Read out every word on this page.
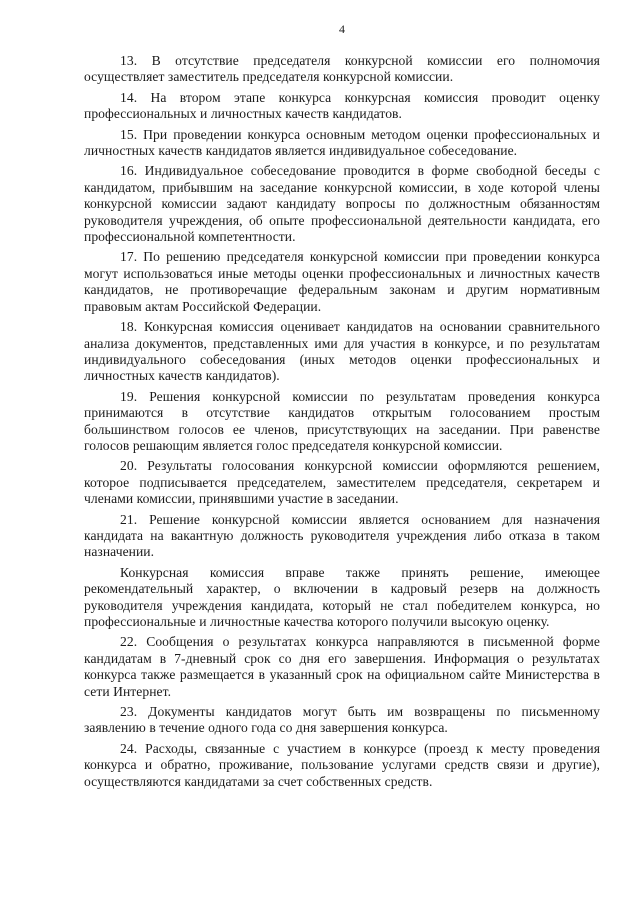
4

13. В отсутствие председателя конкурсной комиссии его полномочия осуществляет заместитель председателя конкурсной комиссии.

14. На втором этапе конкурса конкурсная комиссия проводит оценку профессиональных и личностных качеств кандидатов.

15. При проведении конкурса основным методом оценки профессиональных и личностных качеств кандидатов является индивидуальное собеседование.

16. Индивидуальное собеседование проводится в форме свободной беседы с кандидатом, прибывшим на заседание конкурсной комиссии, в ходе которой члены конкурсной комиссии задают кандидату вопросы по должностным обязанностям руководителя учреждения, об опыте профессиональной деятельности кандидата, его профессиональной компетентности.

17. По решению председателя конкурсной комиссии при проведении конкурса могут использоваться иные методы оценки профессиональных и личностных качеств кандидатов, не противоречащие федеральным законам и другим нормативным правовым актам Российской Федерации.

18. Конкурсная комиссия оценивает кандидатов на основании сравнительного анализа документов, представленных ими для участия в конкурсе, и по результатам индивидуального собеседования (иных методов оценки профессиональных и личностных качеств кандидатов).

19. Решения конкурсной комиссии по результатам проведения конкурса принимаются в отсутствие кандидатов открытым голосованием простым большинством голосов ее членов, присутствующих на заседании. При равенстве голосов решающим является голос председателя конкурсной комиссии.

20. Результаты голосования конкурсной комиссии оформляются решением, которое подписывается председателем, заместителем председателя, секретарем и членами комиссии, принявшими участие в заседании.

21. Решение конкурсной комиссии является основанием для назначения кандидата на вакантную должность руководителя учреждения либо отказа в таком назначении.

Конкурсная комиссия вправе также принять решение, имеющее рекомендательный характер, о включении в кадровый резерв на должность руководителя учреждения кандидата, который не стал победителем конкурса, но профессиональные и личностные качества которого получили высокую оценку.

22. Сообщения о результатах конкурса направляются в письменной форме кандидатам в 7-дневный срок со дня его завершения. Информация о результатах конкурса также размещается в указанный срок на официальном сайте Министерства в сети Интернет.

23. Документы кандидатов могут быть им возвращены по письменному заявлению в течение одного года со дня завершения конкурса.

24. Расходы, связанные с участием в конкурсе (проезд к месту проведения конкурса и обратно, проживание, пользование услугами средств связи и другие), осуществляются кандидатами за счет собственных средств.
